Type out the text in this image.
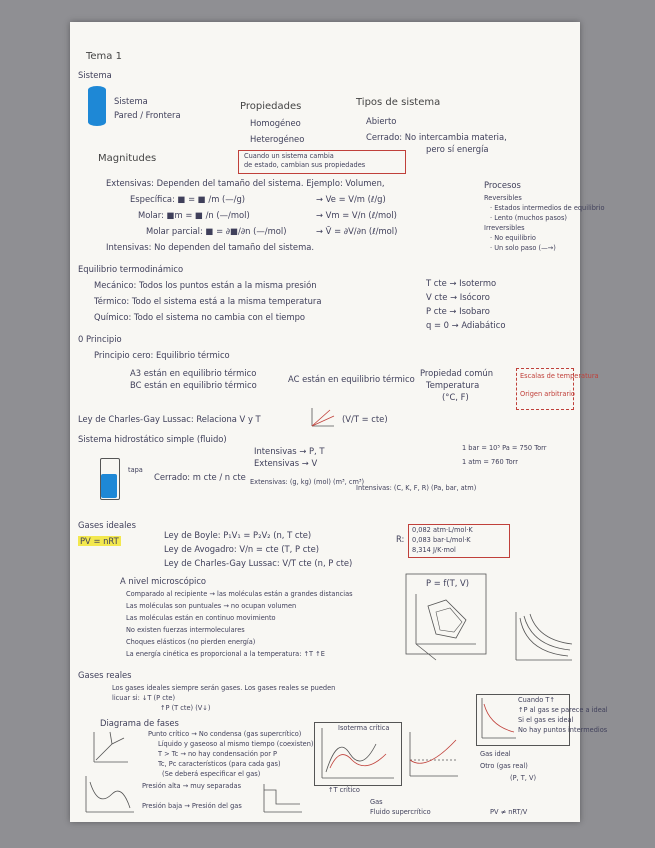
Tema 1
Sistema
Sistema
Pared / Frontera
Propiedades
Homogéneo
Heterogéneo
Tipos de sistema
Abierto
Cerrado: No intercambia materia,
pero sí energía
Magnitudes	Cuando un sistema cambia
de estado, cambian sus propiedades
Extensivas: Dependen del tamaño del sistema. Ejemplo: Volumen,
Específica: ■ = ■ /m (—/g)	→ Ve = V/m (ℓ/g)
Molar: ■m = ■ /n (—/mol)	→ Vm = V/n (ℓ/mol)
Molar parcial: ■ = ∂■/∂n (—/mol)	→ V̄ = ∂V/∂n (ℓ/mol)
Intensivas: No dependen del tamaño del sistema.
Procesos
Reversibles
· Estados intermedios de equilibrio
· Lento (muchos pasos)
Irreversibles
· No equilibrio
· Un solo paso (—→)
Equilibrio termodinámico
Mecánico: Todos los puntos están a la misma presión
Térmico: Todo el sistema está a la misma temperatura
Químico: Todo el sistema no cambia con el tiempo
T cte → Isotermo
V cte → Isócoro
P cte → Isobaro
q = 0 → Adiabático
0 Principio
Principio cero: Equilibrio térmico
A3 están en equilibrio térmico
BC están en equilibrio térmico
AC están en equilibrio térmico
Propiedad común
Temperatura
(°C, F)
Escalas de temperatura
Origen arbitrario
Ley de Charles-Gay Lussac: Relaciona V y T	(V/T = cte)
Sistema hidrostático simple (fluido)
Intensivas → P, T
Extensivas → V
tapa
Cerrado: m cte / n cte Extensivas: (g, kg) (mol) (m³, cm³)
Intensivas: (C, K, F, R) (Pa, bar, atm)
1 bar = 10⁵ Pa = 750 Torr
1 atm = 760 Torr
Gases ideales
PV = nRT
Ley de Boyle: P₁V₁ = P₂V₂ (n, T cte)
Ley de Avogadro: V/n = cte (T, P cte)
Ley de Charles-Gay Lussac: V/T cte (n, P cte)
R:
0,082 atm·L/mol·K
0,083 bar·L/mol·K
8,314 J/K·mol
A nivel microscópico
Comparado al recipiente → las moléculas están a grandes distancias
Las moléculas son puntuales → no ocupan volumen
Las moléculas están en continuo movimiento
No existen fuerzas intermoleculares
Choques elásticos (no pierden energía)
La energía cinética es proporcional a la temperatura: ↑T ↑E
P = f(T, V)
Gases reales
Los gases ideales siempre serán gases. Los gases reales se pueden
licuar si: ↓T (P cte)
↑P (T cte) (V↓)
Diagrama de fases
Punto crítico → No condensa (gas supercrítico)
Líquido y gaseoso al mismo tiempo (coexisten)
T > Tc → no hay condensación por P
Tc, Pc característicos (para cada gas)
(Se deberá especificar el gas)
Isoterma crítica
↑T crítico
Cuando T↑
↑P al gas se parece a ideal
Si el gas es ideal
No hay puntos intermedios
Gas ideal
Otro (gas real)
(P, T, V)
Presión alta → muy separadas
Presión baja → Presión del gas	Gas
Fluido supercrítico	PV ≠ nRT/V
